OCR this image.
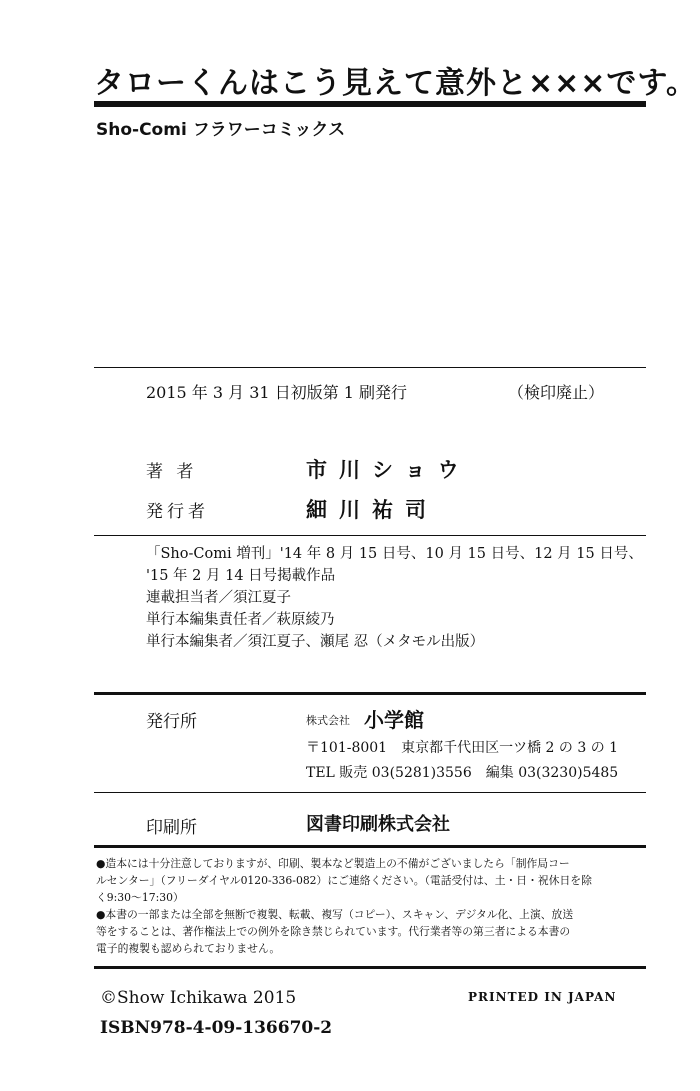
タローくんはこう見えて意外と×××です。
Sho-Comi フラワーコミックス
2015 年 3 月 31 日初版第 1 刷発行	（検印廃止）
著 者	市川ショウ
発行者	細川祐司
「Sho-Comi 増刊」'14 年 8 月 15 日号、10 月 15 日号、12 月 15 日号、
'15 年 2 月 14 日号掲載作品
連載担当者／須江夏子
単行本編集責任者／萩原綾乃
単行本編集者／須江夏子、瀬尾 忍（メタモル出版）
発行所	株式会社 小学館
〒101-8001　東京都千代田区一ツ橋 2 の 3 の 1
TEL 販売 03(5281)3556　編集 03(3230)5485
印刷所	図書印刷株式会社

●造本には十分注意しておりますが、印刷、製本など製造上の不備がございましたら「制作局コー

ルセンター」（フリーダイヤル0120-336-082）にご連絡ください。（電話受付は、土・日・祝休日を除

く9:30～17:30）

●本書の一部または全部を無断で複製、転載、複写（コピー）、スキャン、デジタル化、上演、放送

等をすることは、著作権法上での例外を除き禁じられています。代行業者等の第三者による本書の

電子的複製も認められておりません。

©Show Ichikawa 2015	PRINTED IN JAPAN
ISBN978-4-09-136670-2
